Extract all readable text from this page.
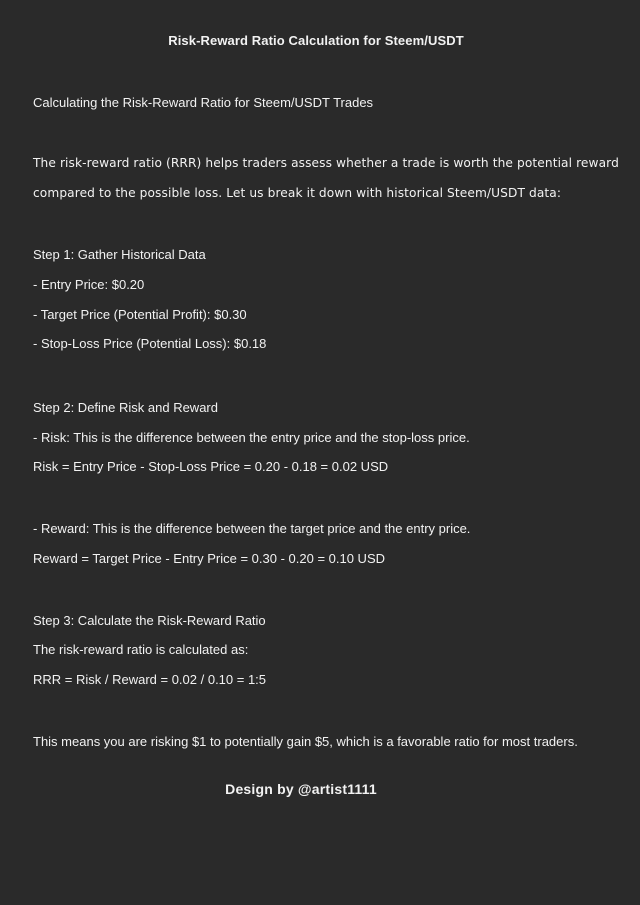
Risk-Reward Ratio Calculation for Steem/USDT
Calculating the Risk-Reward Ratio for Steem/USDT Trades
The risk-reward ratio (RRR) helps traders assess whether a trade is worth the potential reward compared to the possible loss. Let us break it down with historical Steem/USDT data:
Step 1: Gather Historical Data
- Entry Price: $0.20
- Target Price (Potential Profit): $0.30
- Stop-Loss Price (Potential Loss): $0.18
Step 2: Define Risk and Reward
- Risk: This is the difference between the entry price and the stop-loss price.
Risk = Entry Price - Stop-Loss Price = 0.20 - 0.18 = 0.02 USD
- Reward: This is the difference between the target price and the entry price.
Reward = Target Price - Entry Price = 0.30 - 0.20 = 0.10 USD
Step 3: Calculate the Risk-Reward Ratio
The risk-reward ratio is calculated as:
RRR = Risk / Reward = 0.02 / 0.10 = 1:5
This means you are risking $1 to potentially gain $5, which is a favorable ratio for most traders.
Design by @artist1111
